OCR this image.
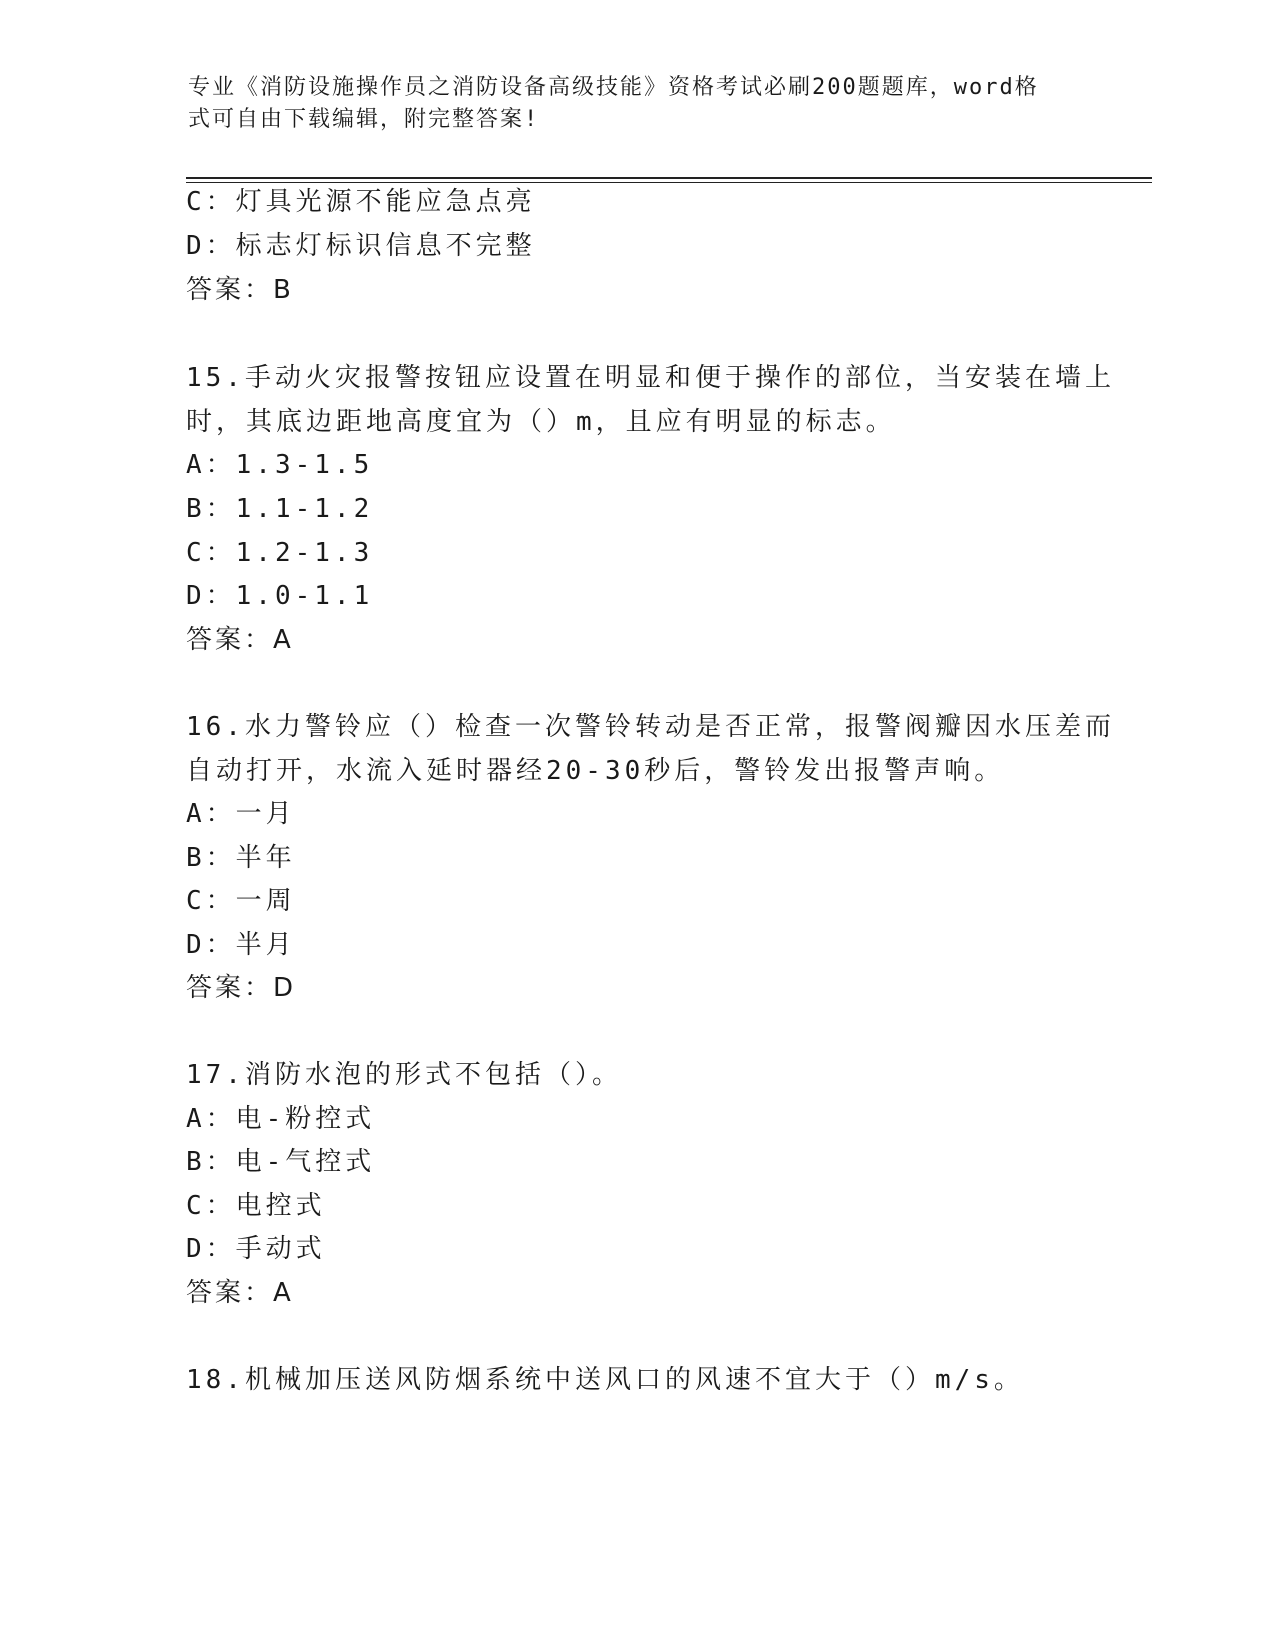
专业《消防设施操作员之消防设备高级技能》资格考试必刷200题题库，word格
式可自由下载编辑，附完整答案!
C：灯具光源不能应急点亮
D：标志灯标识信息不完整
答案：B
15.手动火灾报警按钮应设置在明显和便于操作的部位，当安装在墙上
时，其底边距地高度宜为（）m，且应有明显的标志。
A：1.3-1.5
B：1.1-1.2
C：1.2-1.3
D：1.0-1.1
答案：A
16.水力警铃应（）检查一次警铃转动是否正常，报警阀瓣因水压差而
自动打开，水流入延时器经20-30秒后，警铃发出报警声响。
A：一月
B：半年
C：一周
D：半月
答案：D
17.消防水泡的形式不包括（）。
A：电-粉控式
B：电-气控式
C：电控式
D：手动式
答案：A
18.机械加压送风防烟系统中送风口的风速不宜大于（）m/s。
